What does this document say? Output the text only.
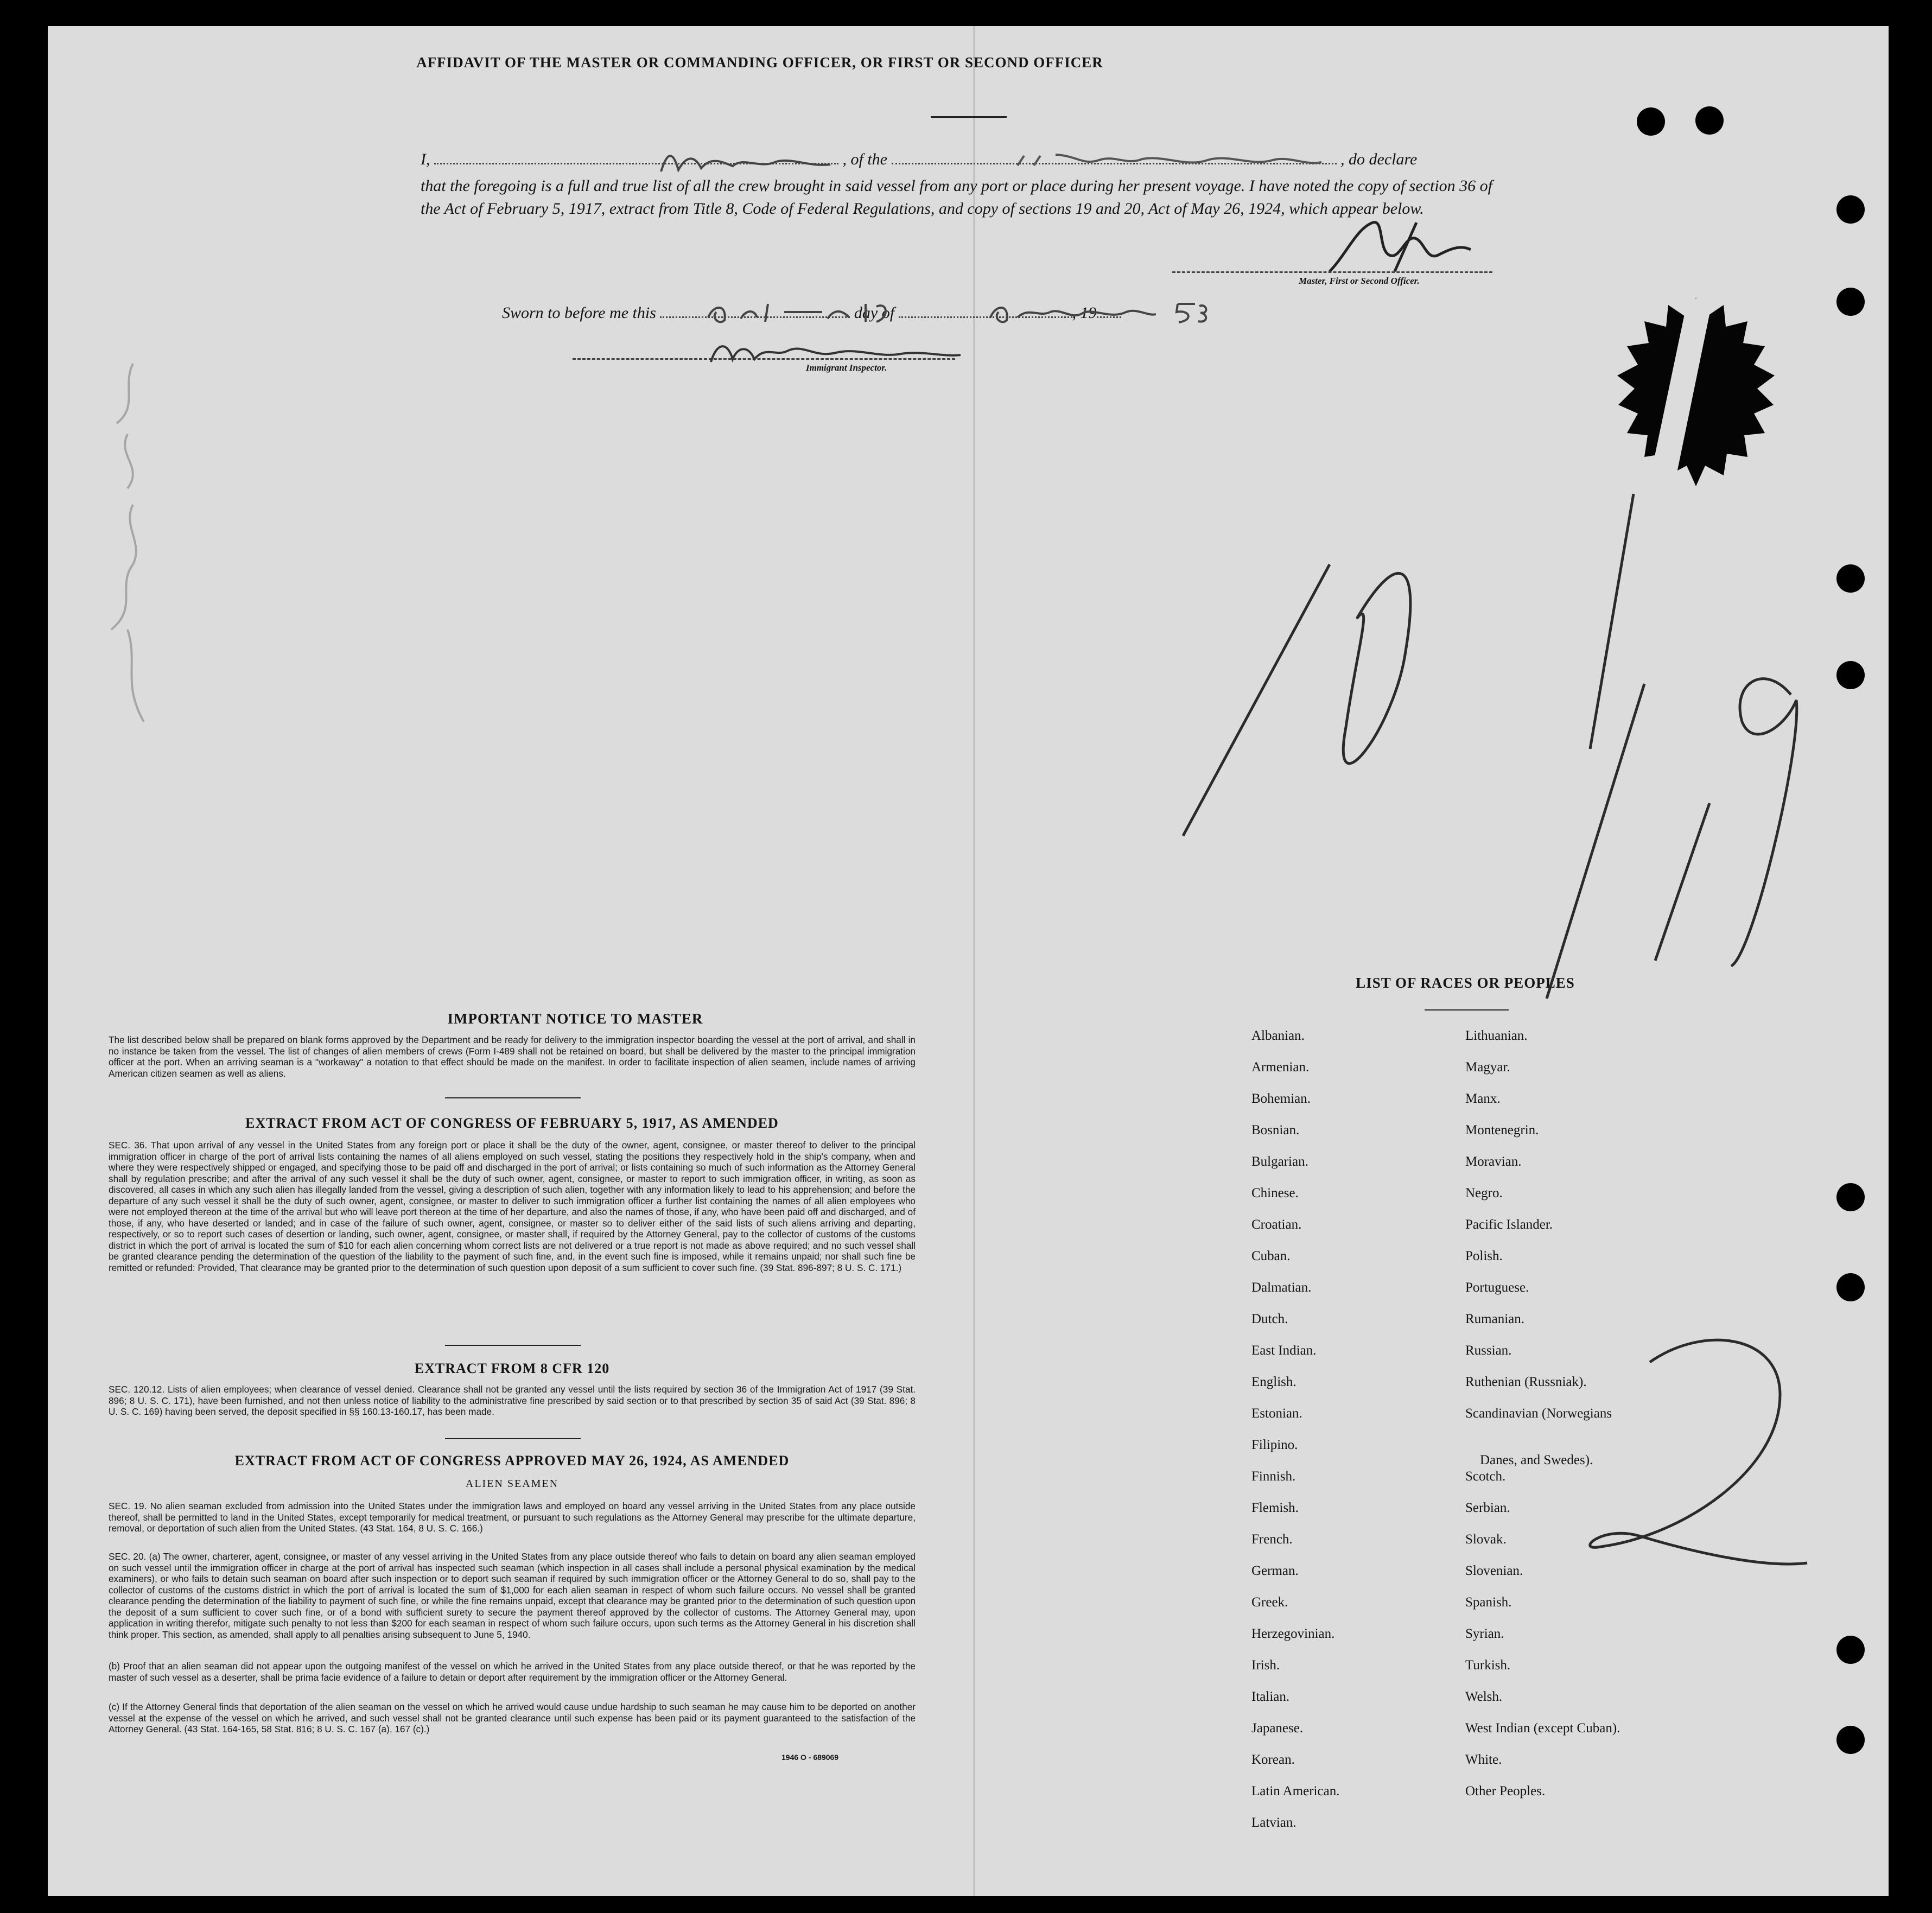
AFFIDAVIT OF THE MASTER OR COMMANDING OFFICER, OR FIRST OR SECOND OFFICER
I,	, of the	, do declare
that the foregoing is a full and true list of all the crew brought in said vessel from any port or place during her present voyage. I have noted the copy of section 36 of the Act of February 5, 1917, extract from Title 8, Code of Federal Regulations, and copy of sections 19 and 20, Act of May 26, 1924, which appear below.
Master, First or Second Officer.
Sworn to before me this	day of	, 19
Immigrant Inspector.
IMPORTANT NOTICE TO MASTER
The list described below shall be prepared on blank forms approved by the Department and be ready for delivery to the immigration inspector boarding the vessel at the port of arrival, and shall in no instance be taken from the vessel. The list of changes of alien members of crews (Form I-489 shall not be retained on board, but shall be delivered by the master to the principal immigration officer at the port. When an arriving seaman is a "workaway" a notation to that effect should be made on the manifest. In order to facilitate inspection of alien seamen, include names of arriving American citizen seamen as well as aliens.
EXTRACT FROM ACT OF CONGRESS OF FEBRUARY 5, 1917, AS AMENDED
SEC. 36. That upon arrival of any vessel in the United States from any foreign port or place it shall be the duty of the owner, agent, consignee, or master thereof to deliver to the principal immigration officer in charge of the port of arrival lists containing the names of all aliens employed on such vessel, stating the positions they respectively hold in the ship's company, when and where they were respectively shipped or engaged, and specifying those to be paid off and discharged in the port of arrival; or lists containing so much of such information as the Attorney General shall by regulation prescribe; and after the arrival of any such vessel it shall be the duty of such owner, agent, consignee, or master to report to such immigration officer, in writing, as soon as discovered, all cases in which any such alien has illegally landed from the vessel, giving a description of such alien, together with any information likely to lead to his apprehension; and before the departure of any such vessel it shall be the duty of such owner, agent, consignee, or master to deliver to such immigration officer a further list containing the names of all alien employees who were not employed thereon at the time of the arrival but who will leave port thereon at the time of her departure, and also the names of those, if any, who have been paid off and discharged, and of those, if any, who have deserted or landed; and in case of the failure of such owner, agent, consignee, or master so to deliver either of the said lists of such aliens arriving and departing, respectively, or so to report such cases of desertion or landing, such owner, agent, consignee, or master shall, if required by the Attorney General, pay to the collector of customs of the customs district in which the port of arrival is located the sum of $10 for each alien concerning whom correct lists are not delivered or a true report is not made as above required; and no such vessel shall be granted clearance pending the determination of the question of the liability to the payment of such fine, and, in the event such fine is imposed, while it remains unpaid; nor shall such fine be remitted or refunded: Provided, That clearance may be granted prior to the determination of such question upon deposit of a sum sufficient to cover such fine. (39 Stat. 896-897; 8 U. S. C. 171.)
EXTRACT FROM 8 CFR 120
SEC. 120.12. Lists of alien employees; when clearance of vessel denied. Clearance shall not be granted any vessel until the lists required by section 36 of the Immigration Act of 1917 (39 Stat. 896; 8 U. S. C. 171), have been furnished, and not then unless notice of liability to the administrative fine prescribed by said section or to that prescribed by section 35 of said Act (39 Stat. 896; 8 U. S. C. 169) having been served, the deposit specified in §§ 160.13-160.17, has been made.
EXTRACT FROM ACT OF CONGRESS APPROVED MAY 26, 1924, AS AMENDED
ALIEN SEAMEN
SEC. 19. No alien seaman excluded from admission into the United States under the immigration laws and employed on board any vessel arriving in the United States from any place outside thereof, shall be permitted to land in the United States, except temporarily for medical treatment, or pursuant to such regulations as the Attorney General may prescribe for the ultimate departure, removal, or deportation of such alien from the United States. (43 Stat. 164, 8 U. S. C. 166.)
SEC. 20. (a) The owner, charterer, agent, consignee, or master of any vessel arriving in the United States from any place outside thereof who fails to detain on board any alien seaman employed on such vessel until the immigration officer in charge at the port of arrival has inspected such seaman (which inspection in all cases shall include a personal physical examination by the medical examiners), or who fails to detain such seaman on board after such inspection or to deport such seaman if required by such immigration officer or the Attorney General to do so, shall pay to the collector of customs of the customs district in which the port of arrival is located the sum of $1,000 for each alien seaman in respect of whom such failure occurs. No vessel shall be granted clearance pending the determination of the liability to payment of such fine, or while the fine remains unpaid, except that clearance may be granted prior to the determination of such question upon the deposit of a sum sufficient to cover such fine, or of a bond with sufficient surety to secure the payment thereof approved by the collector of customs. The Attorney General may, upon application in writing therefor, mitigate such penalty to not less than $200 for each seaman in respect of whom such failure occurs, upon such terms as the Attorney General in his discretion shall think proper. This section, as amended, shall apply to all penalties arising subsequent to June 5, 1940.
(b) Proof that an alien seaman did not appear upon the outgoing manifest of the vessel on which he arrived in the United States from any place outside thereof, or that he was reported by the master of such vessel as a deserter, shall be prima facie evidence of a failure to detain or deport after requirement by the immigration officer or the Attorney General.
(c) If the Attorney General finds that deportation of the alien seaman on the vessel on which he arrived would cause undue hardship to such seaman he may cause him to be deported on another vessel at the expense of the vessel on which he arrived, and such vessel shall not be granted clearance until such expense has been paid or its payment guaranteed to the satisfaction of the Attorney General. (43 Stat. 164-165, 58 Stat. 816; 8 U. S. C. 167 (a), 167 (c).)
1946 O - 689069
LIST OF RACES OR PEOPLES
Albanian.
Armenian.
Bohemian.
Bosnian.
Bulgarian.
Chinese.
Croatian.
Cuban.
Dalmatian.
Dutch.
East Indian.
English.
Estonian.
Filipino.
Finnish.
Flemish.
French.
German.
Greek.
Herzegovinian.
Irish.
Italian.
Japanese.
Korean.
Latin American.
Latvian.
Lithuanian.
Magyar.
Manx.
Montenegrin.
Moravian.
Negro.
Pacific Islander.
Polish.
Portuguese.
Rumanian.
Russian.
Ruthenian (Russniak).
Scandinavian (Norwegians
Danes, and Swedes).
Scotch.
Serbian.
Slovak.
Slovenian.
Spanish.
Syrian.
Turkish.
Welsh.
West Indian (except Cuban).
White.
Other Peoples.
